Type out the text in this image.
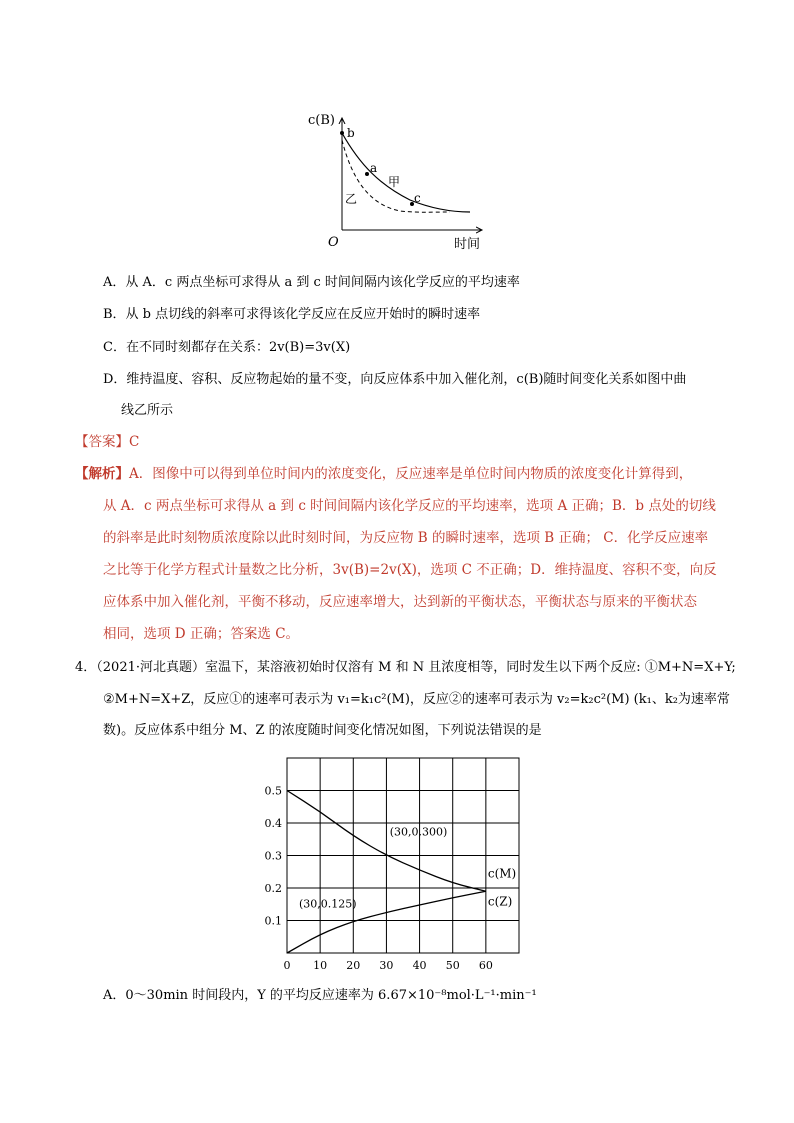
c(B)
O	时间
b
a
c
甲
乙
A．从 A．c 两点坐标可求得从 a 到 c 时间间隔内该化学反应的平均速率
B．从 b 点切线的斜率可求得该化学反应在反应开始时的瞬时速率
C．在不同时刻都存在关系：2v(B)=3v(X)
D．维持温度、容积、反应物起始的量不变，向反应体系中加入催化剂，c(B)随时间变化关系如图中曲
线乙所示
【答案】C
【解析】A．图像中可以得到单位时间内的浓度变化，反应速率是单位时间内物质的浓度变化计算得到，
从 A．c 两点坐标可求得从 a 到 c 时间间隔内该化学反应的平均速率，选项 A 正确；B．b 点处的切线
的斜率是此时刻物质浓度除以此时刻时间，为反应物 B 的瞬时速率，选项 B 正确； C．化学反应速率
之比等于化学方程式计量数之比分析，3v(B)=2v(X)，选项 C 不正确；D．维持温度、容积不变，向反
应体系中加入催化剂，平衡不移动，反应速率增大，达到新的平衡状态，平衡状态与原来的平衡状态
相同，选项 D 正确；答案选 C。
4．（2021·河北真题）室温下，某溶液初始时仅溶有 M 和 N 且浓度相等，同时发生以下两个反应: ①M+N=X+Y;
②M+N=X+Z，反应①的速率可表示为 v₁=k₁c²(M)，反应②的速率可表示为 v₂=k₂c²(M) (k₁、k₂为速率常
数)。反应体系中组分 M、Z 的浓度随时间变化情况如图，下列说法错误的是
0 10 20 30 40 50 60
0.1
0.2
0.3
0.4
0.5
c(M)
c(Z)
(30,0.300)
(30,0.125)
A．0～30min 时间段内，Y 的平均反应速率为 6.67×10⁻⁸mol·L⁻¹·min⁻¹
